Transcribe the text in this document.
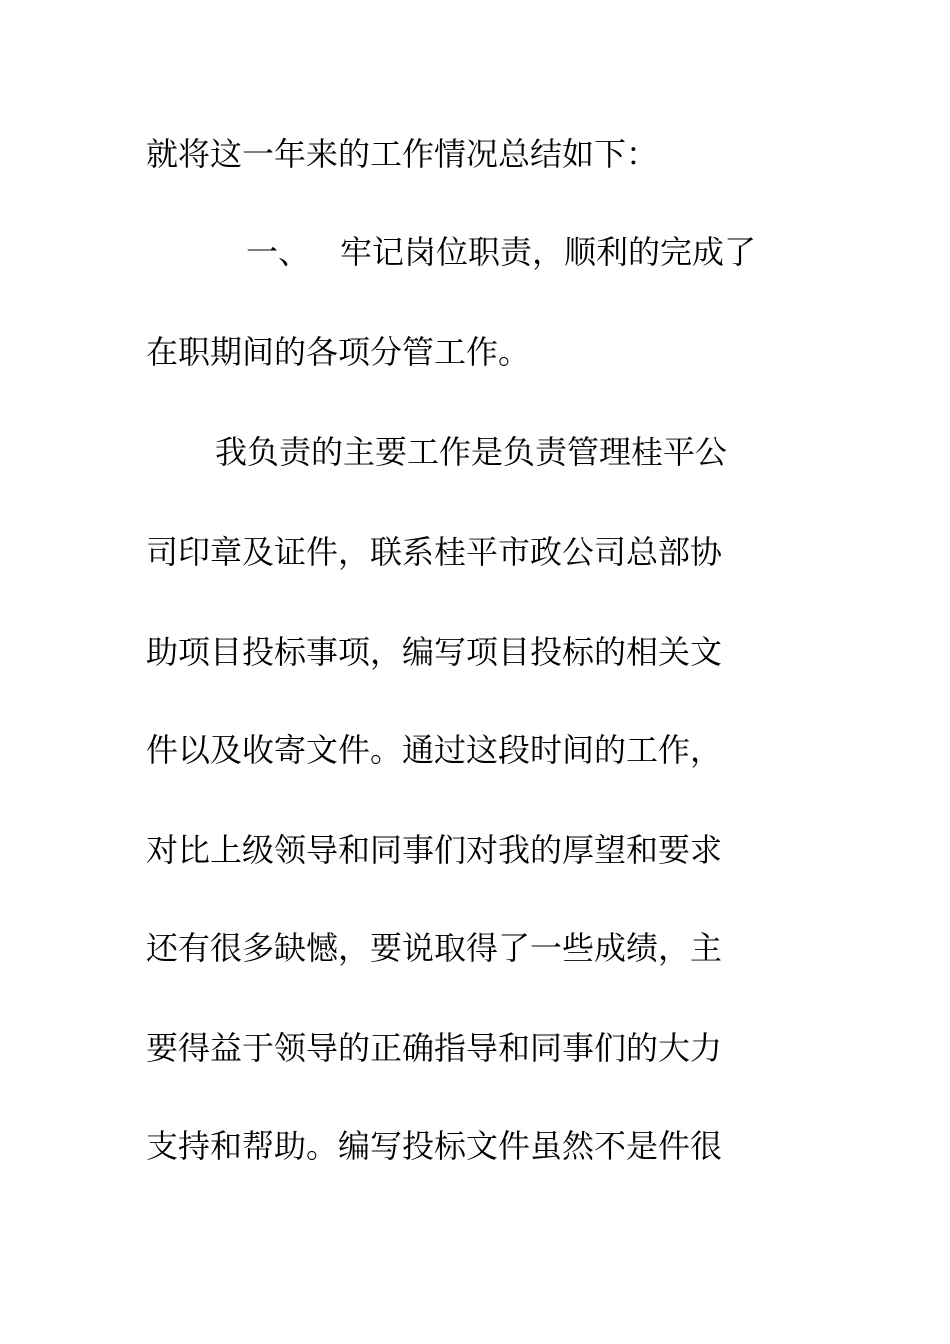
就将这一年来的工作情况总结如下：
一、 牢记岗位职责，顺利的完成了
在职期间的各项分管工作。
我负责的主要工作是负责管理桂平公
司印章及证件，联系桂平市政公司总部协
助项目投标事项，编写项目投标的相关文
件以及收寄文件。通过这段时间的工作，
对比上级领导和同事们对我的厚望和要求
还有很多缺憾，要说取得了一些成绩，主
要得益于领导的正确指导和同事们的大力
支持和帮助。编写投标文件虽然不是件很
